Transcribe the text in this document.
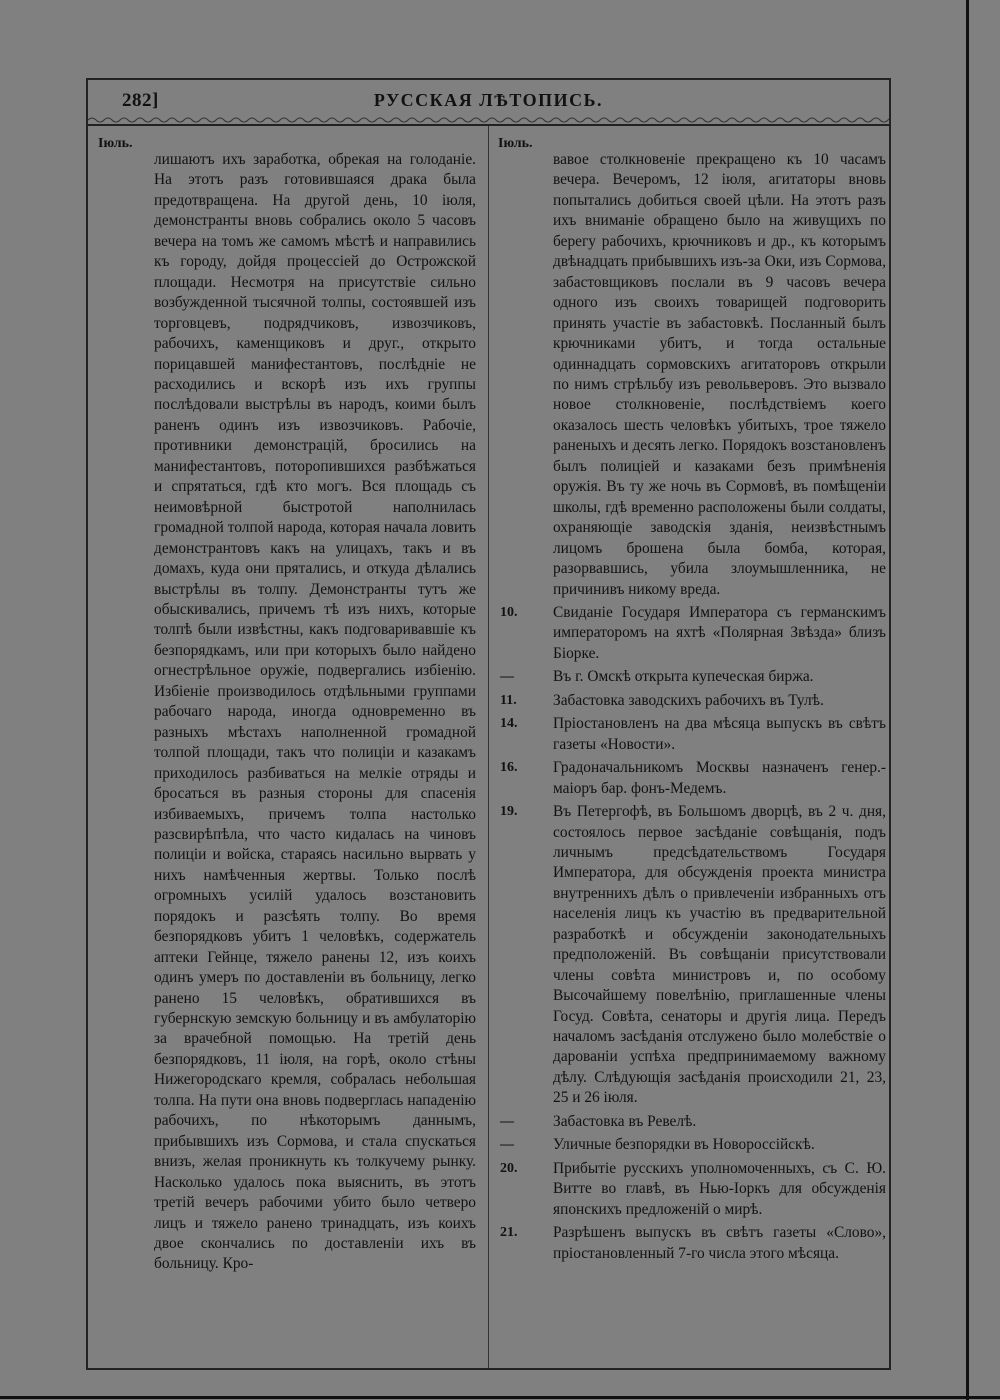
282]	РУССКАЯ ЛѢТОПИСЬ.
Іюль.

лишаютъ ихъ заработка, обрекая на голоданіе. На этотъ разъ готовившаяся драка была предотвращена. На другой день, 10 іюля, демонстранты вновь собрались около 5 часовъ вечера на томъ же самомъ мѣстѣ и направились къ городу, дойдя процессіей до Острожской площади. Несмотря на присутствіе сильно возбужденной тысячной толпы, состоявшей изъ торговцевъ, подрядчиковъ, извозчиковъ, рабочихъ, каменщиковъ и друг., открыто порицавшей манифестантовъ, послѣдніе не расходились и вскорѣ изъ ихъ группы послѣдовали выстрѣлы въ народъ, коими былъ раненъ одинъ изъ извозчиковъ. Рабочіе, противники демонстрацій, бросились на манифестантовъ, поторопившихся разбѣжаться и спрятаться, гдѣ кто могъ. Вся площадь съ неимовѣрной быстротой наполнилась громадной толпой народа, которая начала ловить демонстрантовъ какъ на улицахъ, такъ и въ домахъ, куда они прятались, и откуда дѣлались выстрѣлы въ толпу. Демонстранты тутъ же обыскивались, причемъ тѣ изъ нихъ, которые толпѣ были извѣстны, какъ подговаривавшіе къ безпорядкамъ, или при которыхъ было найдено огнестрѣльное оружіе, подвергались избіенію. Избіеніе производилось отдѣльными группами рабочаго народа, иногда одновременно въ разныхъ мѣстахъ наполненной громадной толпой площади, такъ что полиціи и казакамъ приходилось разбиваться на мелкіе отряды и бросаться въ разныя стороны для спасенія избиваемыхъ, причемъ толпа настолько разсвирѣпѣла, что часто кидалась на чиновъ полиціи и войска, стараясь насильно вырвать у нихъ намѣченныя жертвы. Только послѣ огромныхъ усилій удалось возстановить порядокъ и разсѣять толпу. Во время безпорядковъ убитъ 1 человѣкъ, содержатель аптеки Гейнце, тяжело ранены 12, изъ коихъ одинъ умеръ по доставленіи въ больницу, легко ранено 15 человѣкъ, обратившихся въ губернскую земскую больницу и въ амбулаторію за врачебной помощью. На третій день безпорядковъ, 11 іюля, на горѣ, около стѣны Нижегородскаго кремля, собралась небольшая толпа. На пути она вновь подверглась нападенію рабочихъ, по нѣкоторымъ даннымъ, прибывшихъ изъ Сормова, и стала спускаться внизъ, желая проникнуть къ толкучему рынку. Насколько удалось пока выяснить, въ этотъ третій вечеръ рабочими убито было четверо лицъ и тяжело ранено тринадцать, изъ коихъ двое скончались по доставленіи ихъ въ больницу. Кро-

Іюль.

вавое столкновеніе прекращено къ 10 часамъ вечера. Вечеромъ, 12 іюля, агитаторы вновь попытались добиться своей цѣли. На этотъ разъ ихъ вниманіе обращено было на живущихъ по берегу рабочихъ, крючниковъ и др., къ которымъ двѣнадцать прибывшихъ изъ-за Оки, изъ Сормова, забастовщиковъ послали въ 9 часовъ вечера одного изъ своихъ товарищей подговорить принять участіе въ забастовкѣ. Посланный былъ крючниками убитъ, и тогда остальные одиннадцать сормовскихъ агитаторовъ открыли по нимъ стрѣльбу изъ револьверовъ. Это вызвало новое столкновеніе, послѣдствіемъ коего оказалось шесть человѣкъ убитыхъ, трое тяжело раненыхъ и десять легко. Порядокъ возстановленъ былъ полиціей и казаками безъ примѣненія оружія. Въ ту же ночь въ Сормовѣ, въ помѣщеніи школы, гдѣ временно расположены были солдаты, охраняющіе заводскія зданія, неизвѣстнымъ лицомъ брошена была бомба, которая, разорвавшись, убила злоумышленника, не причинивъ никому вреда.

10.	Свиданіе Государя Императора съ германскимъ императоромъ на яхтѣ «Полярная Звѣзда» близъ Біорке.
—	Въ г. Омскѣ открыта купеческая биржа.
11.	Забастовка заводскихъ рабочихъ въ Тулѣ.
14.	Пріостановленъ на два мѣсяца выпускъ въ свѣтъ газеты «Новости».
16.	Градоначальникомъ Москвы назначенъ генер.-маіоръ бар. фонъ-Медемъ.
19.	Въ Петергофѣ, въ Большомъ дворцѣ, въ 2 ч. дня, состоялось первое засѣданіе совѣщанія, подъ личнымъ предсѣдательствомъ Государя Императора, для обсужденія проекта министра внутреннихъ дѣлъ о привлеченіи избранныхъ отъ населенія лицъ къ участію въ предварительной разработкѣ и обсужденіи законодательныхъ предположеній. Въ совѣщаніи присутствовали члены совѣта министровъ и, по особому Высочайшему повелѣнію, приглашенные члены Госуд. Совѣта, сенаторы и другія лица. Передъ началомъ засѣданія отслужено было молебствіе о дарованіи успѣха предпринимаемому важному дѣлу. Слѣдующія засѣданія происходили 21, 23, 25 и 26 іюля.
—	Забастовка въ Ревелѣ.
—	Уличные безпорядки въ Новороссійскѣ.
20.	Прибытіе русскихъ уполномоченныхъ, съ С. Ю. Витте во главѣ, въ Нью-Іоркъ для обсужденія японскихъ предложеній о мирѣ.
21.	Разрѣшенъ выпускъ въ свѣтъ газеты «Слово», пріостановленный 7-го числа этого мѣсяца.
